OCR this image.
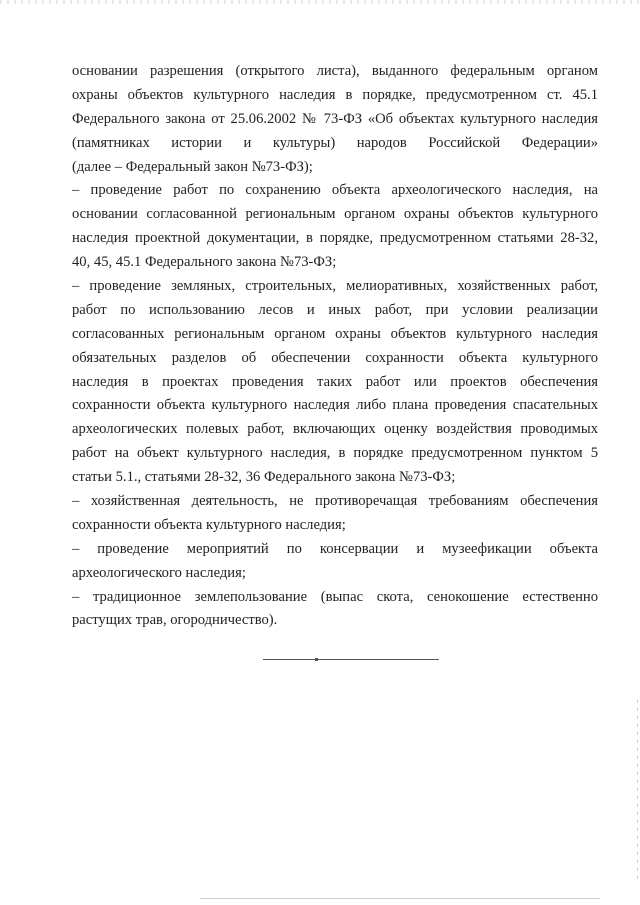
основании разрешения (открытого листа), выданного федеральным органом
охраны объектов культурного наследия в порядке, предусмотренном ст. 45.1
Федерального закона от 25.06.2002 № 73-ФЗ «Об объектах культурного наследия
(памятниках истории и культуры) народов Российской Федерации»
(далее – Федеральный закон №73-ФЗ);
– проведение работ по сохранению объекта археологического наследия, на
основании согласованной региональным органом охраны объектов культурного
наследия проектной документации, в порядке, предусмотренном статьями 28-32,
40, 45, 45.1 Федерального закона №73-ФЗ;
– проведение земляных, строительных, мелиоративных, хозяйственных работ,
работ по использованию лесов и иных работ, при условии реализации
согласованных региональным органом охраны объектов культурного наследия
обязательных разделов об обеспечении сохранности объекта культурного
наследия в проектах проведения таких работ или проектов обеспечения
сохранности объекта культурного наследия либо плана проведения спасательных
археологических полевых работ, включающих оценку воздействия проводимых
работ на объект культурного наследия, в порядке предусмотренном пунктом 5
статьи 5.1., статьями 28-32, 36 Федерального закона №73-ФЗ;
– хозяйственная деятельность, не противоречащая требованиям обеспечения
сохранности объекта культурного наследия;
– проведение мероприятий по консервации и музеефикации объекта
археологического наследия;
– традиционное землепользование (выпас скота, сенокошение естественно
растущих трав, огородничество).
